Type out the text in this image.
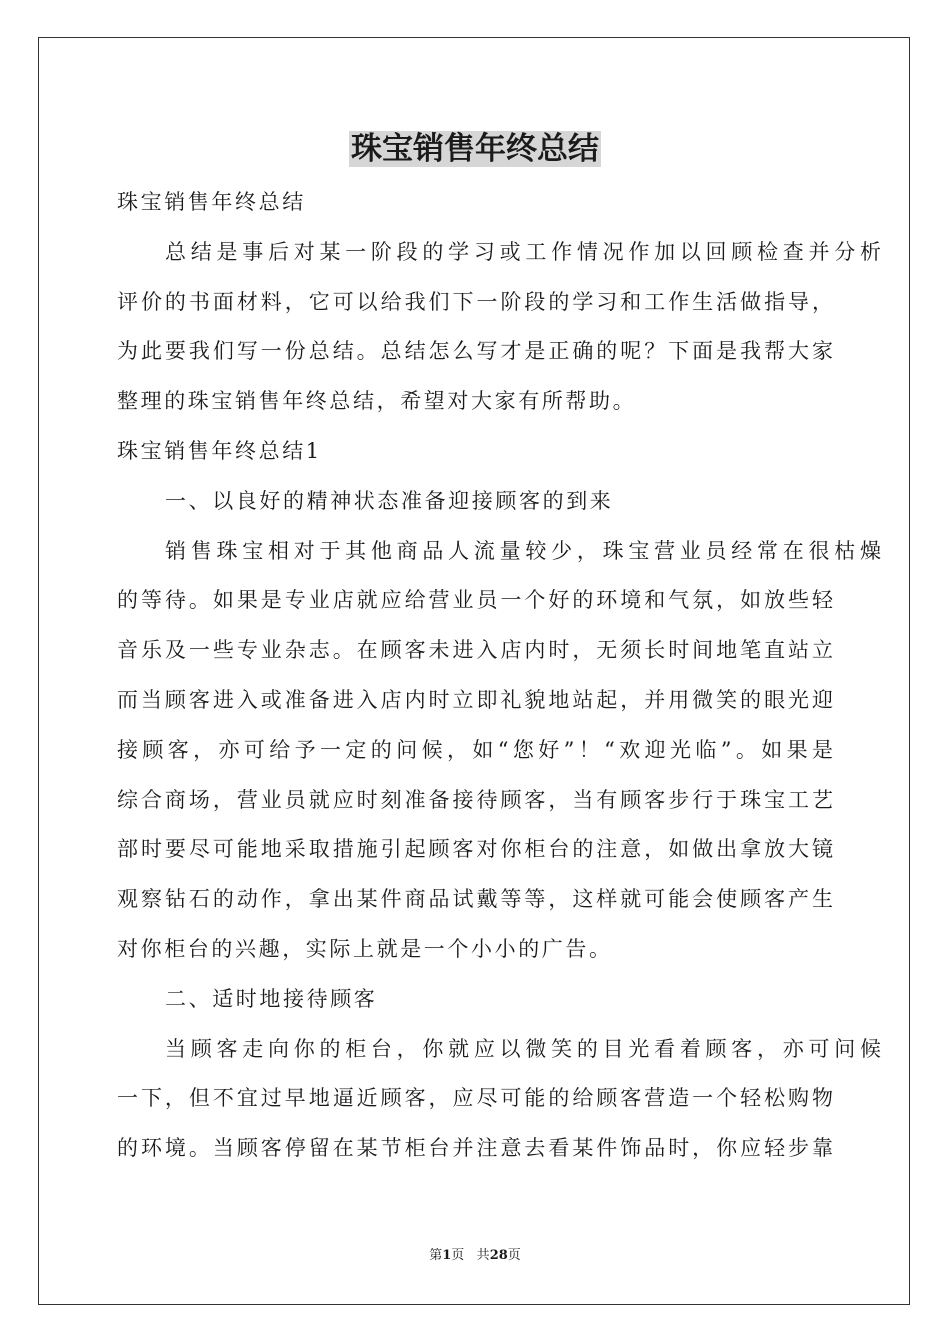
珠宝销售年终总结
珠宝销售年终总结
总结是事后对某一阶段的学习或工作情况作加以回顾检查并分析
评价的书面材料，它可以给我们下一阶段的学习和工作生活做指导，
为此要我们写一份总结。总结怎么写才是正确的呢？下面是我帮大家
整理的珠宝销售年终总结，希望对大家有所帮助。
珠宝销售年终总结1
一、以良好的精神状态准备迎接顾客的到来
销售珠宝相对于其他商品人流量较少，珠宝营业员经常在很枯燥
的等待。如果是专业店就应给营业员一个好的环境和气氛，如放些轻
音乐及一些专业杂志。在顾客未进入店内时，无须长时间地笔直站立
而当顾客进入或准备进入店内时立即礼貌地站起，并用微笑的眼光迎
接顾客，亦可给予一定的问候，如“您好”！“欢迎光临”。如果是
综合商场，营业员就应时刻准备接待顾客，当有顾客步行于珠宝工艺
部时要尽可能地采取措施引起顾客对你柜台的注意，如做出拿放大镜
观察钻石的动作，拿出某件商品试戴等等，这样就可能会使顾客产生
对你柜台的兴趣，实际上就是一个小小的广告。
二、适时地接待顾客
当顾客走向你的柜台，你就应以微笑的目光看着顾客，亦可问候
一下，但不宜过早地逼近顾客，应尽可能的给顾客营造一个轻松购物
的环境。当顾客停留在某节柜台并注意去看某件饰品时，你应轻步靠
第1页 共28页
